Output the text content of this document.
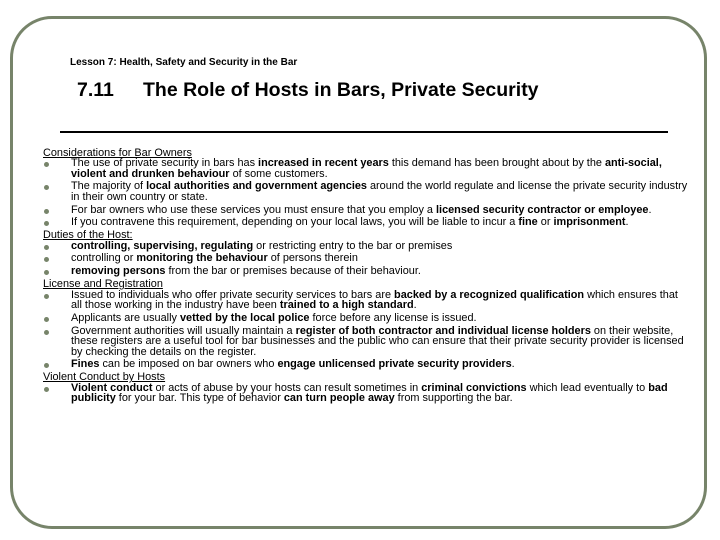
Lesson 7: Health, Safety and Security in the Bar
7.11 The Role of Hosts in Bars, Private Security
Considerations for Bar Owners
The use of private security in bars has increased in recent years this demand has been brought about by the anti-social, violent and drunken behaviour of some customers.
The majority of local authorities and government agencies around the world regulate and license the private security industry in their own country or state.
For bar owners who use these services you must ensure that you employ a licensed security contractor or employee.
If you contravene this requirement, depending on your local laws, you will be liable to incur a fine or imprisonment.
Duties of the Host:
controlling, supervising, regulating or restricting entry to the bar or premises
controlling or monitoring the behaviour of persons therein
removing persons from the bar or premises because of their behaviour.
License and Registration
Issued to individuals who offer private security services to bars are backed by a recognized qualification which ensures that all those working in the industry have been trained to a high standard.
Applicants are usually vetted by the local police force before any license is issued.
Government authorities will usually maintain a register of both contractor and individual license holders on their website, these registers are a useful tool for bar businesses and the public who can ensure that their private security provider is licensed by checking the details on the register.
Fines can be imposed on bar owners who engage unlicensed private security providers.
Violent Conduct by Hosts
Violent conduct or acts of abuse by your hosts can result sometimes in criminal convictions which lead eventually to bad publicity for your bar. This type of behavior can turn people away from supporting the bar.
